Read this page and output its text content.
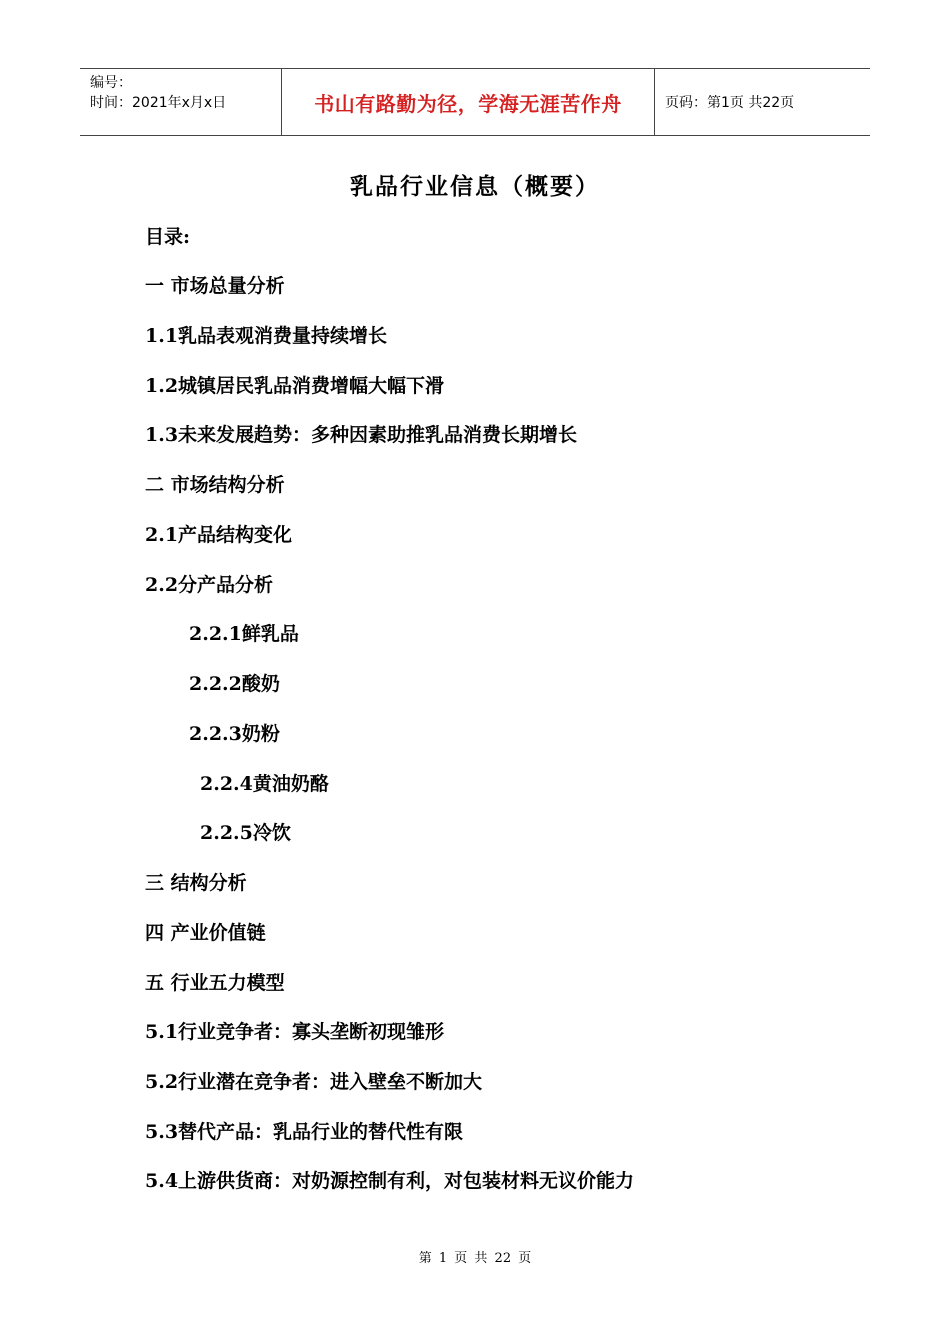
编号：
时间：2021年x月x日	书山有路勤为径，学海无涯苦作舟	页码：第1页 共22页
乳品行业信息（概要）
目录:
一 市场总量分析
1.1乳品表观消费量持续增长
1.2城镇居民乳品消费增幅大幅下滑
1.3未来发展趋势：多种因素助推乳品消费长期增长
二 市场结构分析
2.1产品结构变化
2.2分产品分析
2.2.1鲜乳品
2.2.2酸奶
2.2.3奶粉
2.2.4黄油奶酪
2.2.5冷饮
三 结构分析
四 产业价值链
五 行业五力模型
5.1行业竞争者：寡头垄断初现雏形
5.2行业潜在竞争者：进入壁垒不断加大
5.3替代产品：乳品行业的替代性有限
5.4上游供货商：对奶源控制有利，对包装材料无议价能力
第 1 页 共 22 页
